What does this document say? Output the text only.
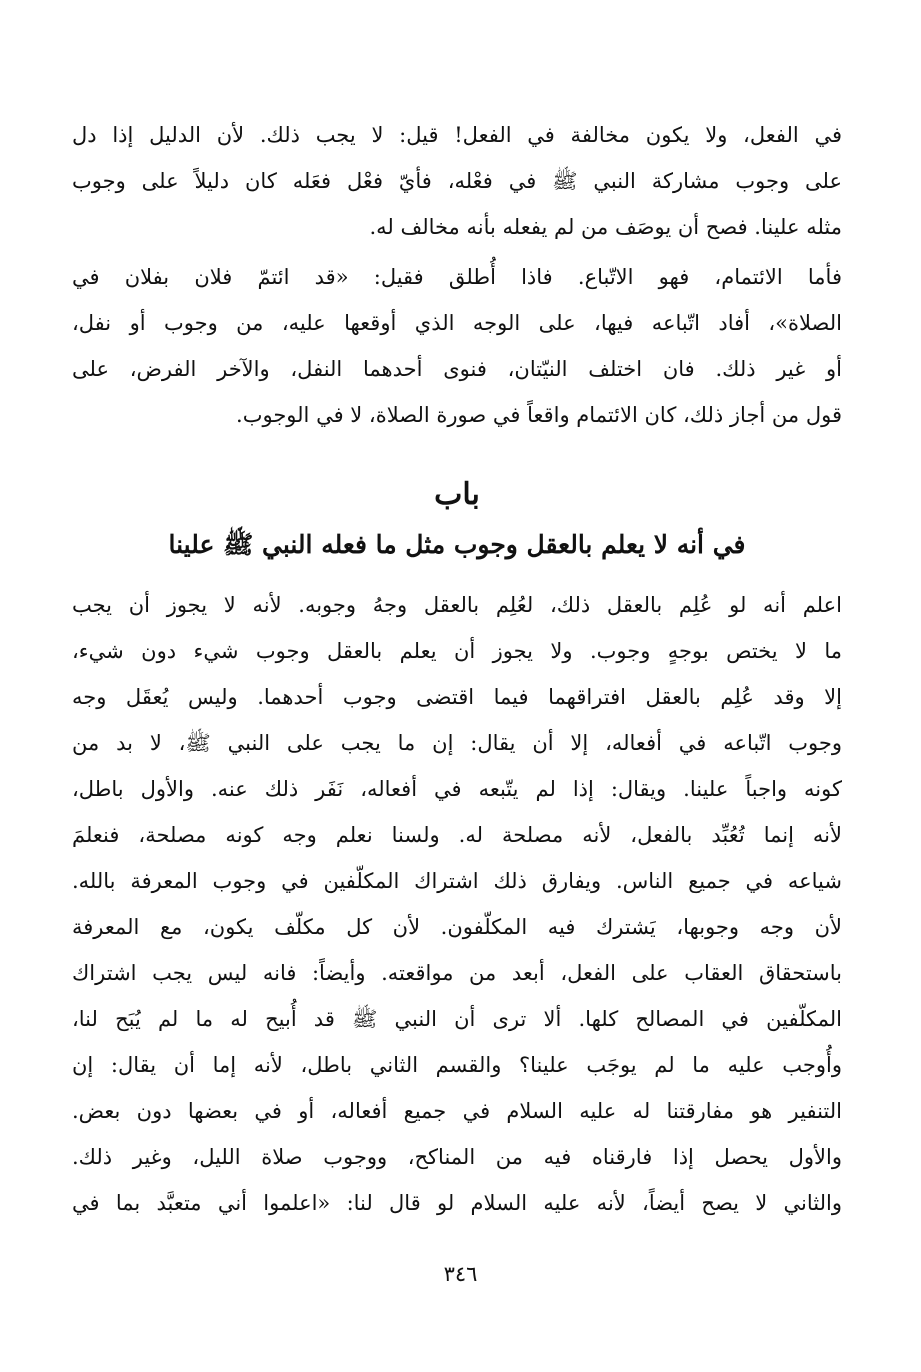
في الفعل، ولا يكون مخالفة في الفعل! قيل: لا يجب ذلك. لأن الدليل إذا دل
على وجوب مشاركة النبي ﷺ في فعْله، فأيّ فعْل فعَله كان دليلاً على وجوب
مثله علينا. فصح أن يوصَف من لم يفعله بأنه مخالف له.

فأما الائتمام، فهو الاتّباع. فاذا أُطلق فقيل: «قد ائتمّ فلان بفلان في
الصلاة»، أفاد اتّباعه فيها، على الوجه الذي أوقعها عليه، من وجوب أو نفل،
أو غير ذلك. فان اختلف النيّتان، فنوى أحدهما النفل، والآخر الفرض، على
قول من أجاز ذلك، كان الائتمام واقعاً في صورة الصلاة، لا في الوجوب.

باب
في أنه لا يعلم بالعقل وجوب مثل ما فعله النبي ﷺ علينا

اعلم أنه لو عُلِم بالعقل ذلك، لعُلِم بالعقل وجهُ وجوبه. لأنه لا يجوز أن يجب
ما لا يختص بوجهٍ وجوب. ولا يجوز أن يعلم بالعقل وجوب شيء دون شيء،
إلا وقد عُلِم بالعقل افتراقهما فيما اقتضى وجوب أحدهما. وليس يُعقَل وجه
وجوب اتّباعه في أفعاله، إلا أن يقال: إن ما يجب على النبي ﷺ، لا بد من
كونه واجباً علينا. ويقال: إذا لم يتّبعه في أفعاله، نَفَر ذلك عنه. والأول باطل،
لأنه إنما تُعُبِّد بالفعل، لأنه مصلحة له. ولسنا نعلم وجه كونه مصلحة، فنعلمَ
شياعه في جميع الناس. ويفارق ذلك اشتراك المكلّفين في وجوب المعرفة بالله.
لأن وجه وجوبها، يَشترك فيه المكلّفون. لأن كل مكلّف يكون، مع المعرفة
باستحقاق العقاب على الفعل، أبعد من مواقعته. وأيضاً: فانه ليس يجب اشتراك
المكلّفين في المصالح كلها. ألا ترى أن النبي ﷺ قد أُبيح له ما لم يُبَح لنا،
وأُوجب عليه ما لم يوجَب علينا؟ والقسم الثاني باطل، لأنه إما أن يقال: إن
التنفير هو مفارقتنا له عليه السلام في جميع أفعاله، أو في بعضها دون بعض.
والأول يحصل إذا فارقناه فيه من المناكح، ووجوب صلاة الليل، وغير ذلك.
والثاني لا يصح أيضاً، لأنه عليه السلام لو قال لنا: «اعلموا أني متعبَّد بما في

٣٤٦
